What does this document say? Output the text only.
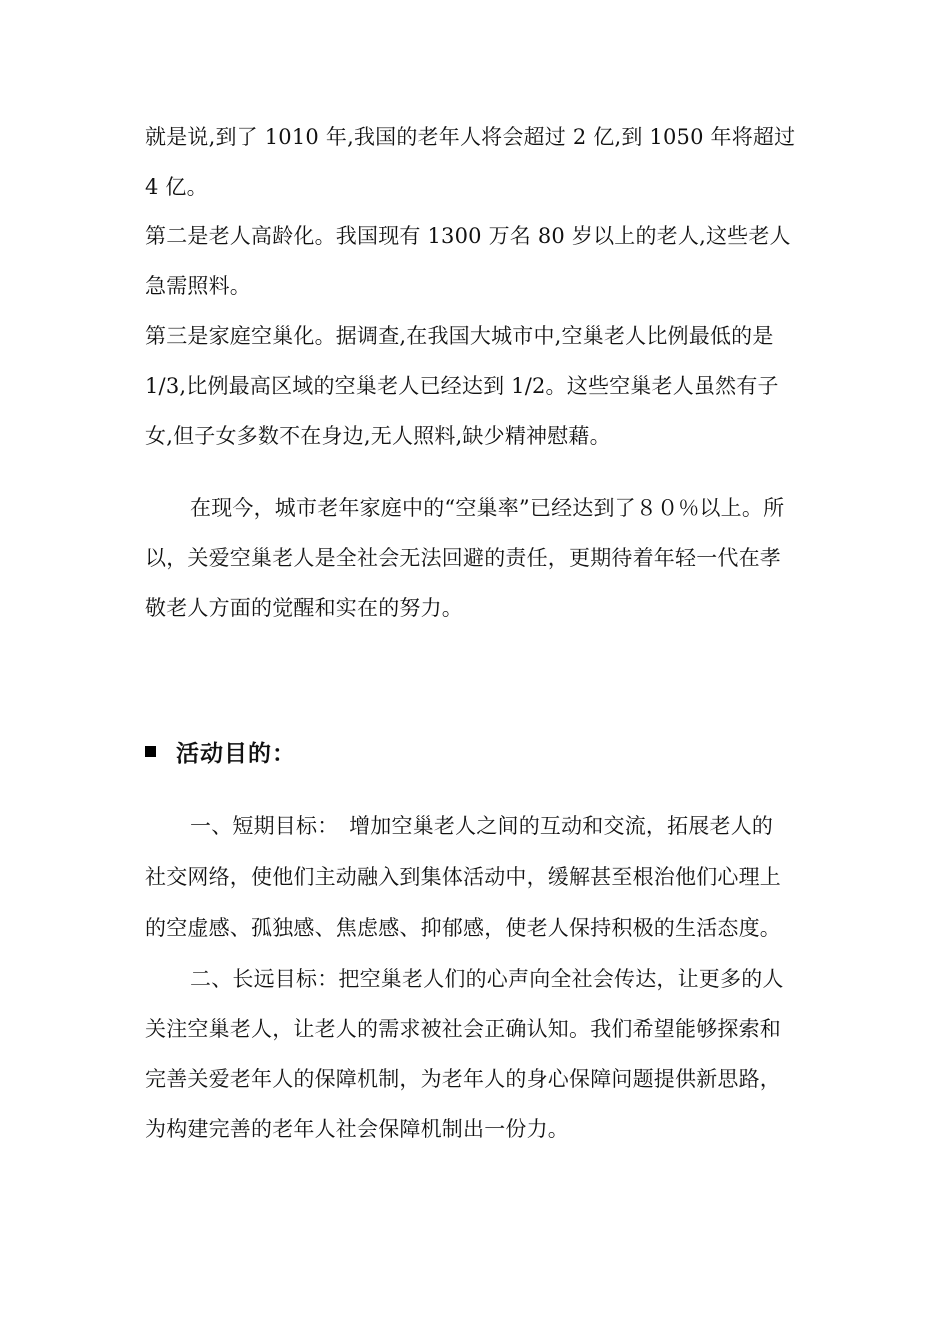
就是说,到了 1010 年,我国的老年人将会超过 2 亿,到 1050 年将超过
4 亿。
第二是老人高龄化。我国现有 1300 万名 80 岁以上的老人,这些老人
急需照料。
第三是家庭空巢化。据调查,在我国大城市中,空巢老人比例最低的是
1/3,比例最高区域的空巢老人已经达到 1/2。这些空巢老人虽然有子
女,但子女多数不在身边,无人照料,缺少精神慰藉。
在现今，城市老年家庭中的“空巢率”已经达到了８０％以上。所
以，关爱空巢老人是全社会无法回避的责任，更期待着年轻一代在孝
敬老人方面的觉醒和实在的努力。
活动目的：
一、短期目标：　增加空巢老人之间的互动和交流，拓展老人的
社交网络，使他们主动融入到集体活动中，缓解甚至根治他们心理上
的空虚感、孤独感、焦虑感、抑郁感，使老人保持积极的生活态度。
二、长远目标：把空巢老人们的心声向全社会传达，让更多的人
关注空巢老人，让老人的需求被社会正确认知。我们希望能够探索和
完善关爱老年人的保障机制，为老年人的身心保障问题提供新思路，
为构建完善的老年人社会保障机制出一份力。
